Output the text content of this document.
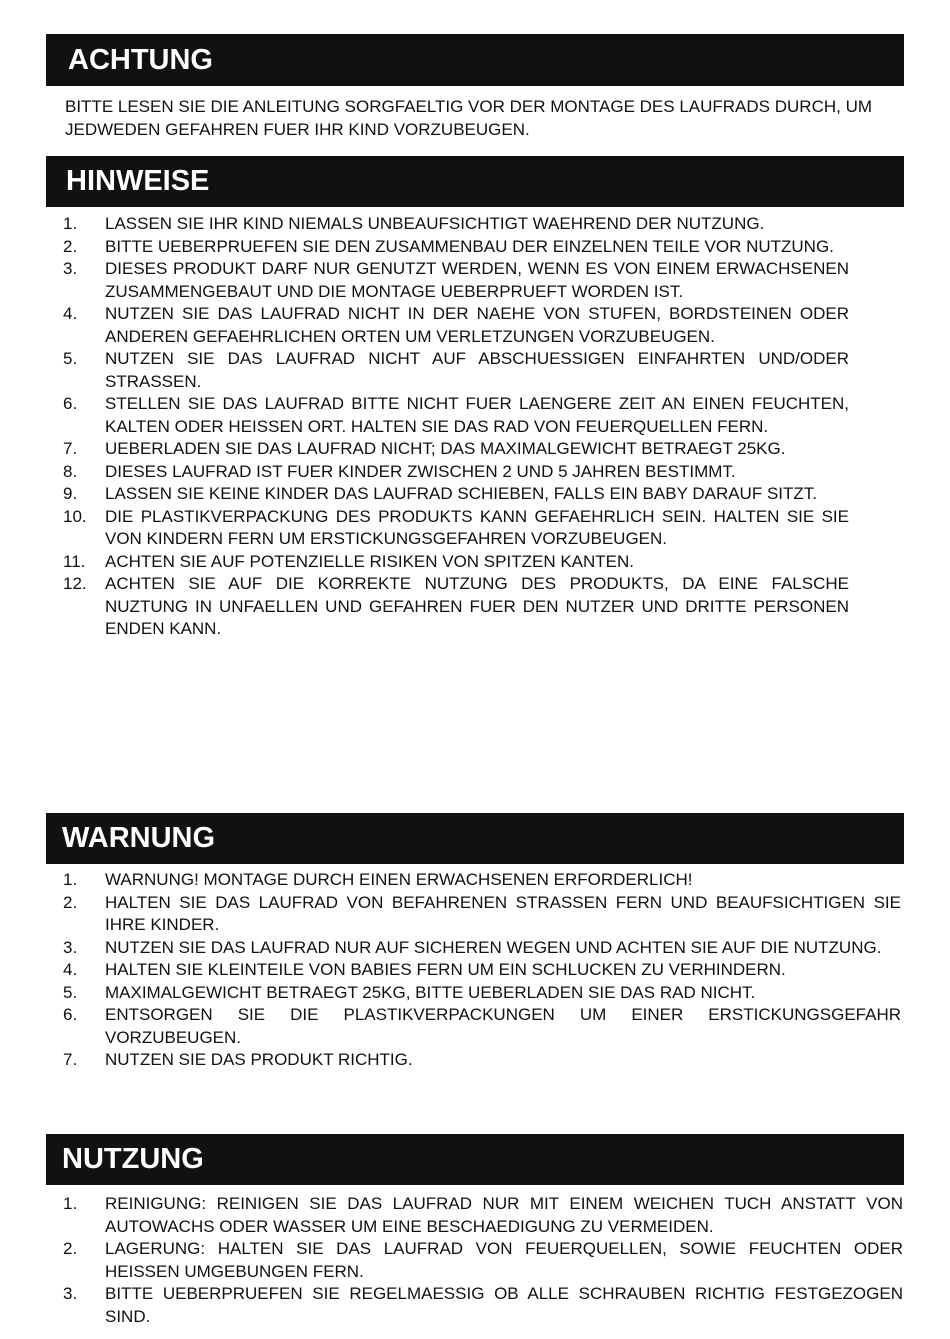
ACHTUNG

BITTE LESEN SIE DIE ANLEITUNG SORGFAELTIG VOR DER MONTAGE DES LAUFRADS DURCH, UM JEDWEDEN GEFAHREN FUER IHR KIND VORZUBEUGEN.

HINWEISE
1.	LASSEN SIE IHR KIND NIEMALS UNBEAUFSICHTIGT WAEHREND DER NUTZUNG.
2.	BITTE UEBERPRUEFEN SIE DEN ZUSAMMENBAU DER EINZELNEN TEILE VOR NUTZUNG.
3.	DIESES PRODUKT DARF NUR GENUTZT WERDEN, WENN ES VON EINEM ERWACHSENEN ZUSAMMENGEBAUT UND DIE MONTAGE UEBERPRUEFT WORDEN IST.
4.	NUTZEN SIE DAS LAUFRAD NICHT IN DER NAEHE VON STUFEN, BORDSTEINEN ODER ANDEREN GEFAEHRLICHEN ORTEN UM VERLETZUNGEN VORZUBEUGEN.
5.	NUTZEN SIE DAS LAUFRAD NICHT AUF ABSCHUESSIGEN EINFAHRTEN UND/ODER STRASSEN.
6.	STELLEN SIE DAS LAUFRAD BITTE NICHT FUER LAENGERE ZEIT AN EINEN FEUCHTEN, KALTEN ODER HEISSEN ORT. HALTEN SIE DAS RAD VON FEUERQUELLEN FERN.
7.	UEBERLADEN SIE DAS LAUFRAD NICHT; DAS MAXIMALGEWICHT BETRAEGT 25KG.
8.	DIESES LAUFRAD IST FUER KINDER ZWISCHEN 2 UND 5 JAHREN BESTIMMT.
9.	LASSEN SIE KEINE KINDER DAS LAUFRAD SCHIEBEN, FALLS EIN BABY DARAUF SITZT.
10.	DIE PLASTIKVERPACKUNG DES PRODUKTS KANN GEFAEHRLICH SEIN. HALTEN SIE SIE VON KINDERN FERN UM ERSTICKUNGSGEFAHREN VORZUBEUGEN.
11.	ACHTEN SIE AUF POTENZIELLE RISIKEN VON SPITZEN KANTEN.
12.	ACHTEN SIE AUF DIE KORREKTE NUTZUNG DES PRODUKTS, DA EINE FALSCHE NUZTUNG IN UNFAELLEN UND GEFAHREN FUER DEN NUTZER UND DRITTE PERSONEN ENDEN KANN.
WARNUNG
1.	WARNUNG! MONTAGE DURCH EINEN ERWACHSENEN ERFORDERLICH!
2.	HALTEN SIE DAS LAUFRAD VON BEFAHRENEN STRASSEN FERN UND BEAUFSICHTIGEN SIE IHRE KINDER.
3.	NUTZEN SIE DAS LAUFRAD NUR AUF SICHEREN WEGEN UND ACHTEN SIE AUF DIE NUTZUNG.
4.	HALTEN SIE KLEINTEILE VON BABIES FERN UM EIN SCHLUCKEN ZU VERHINDERN.
5.	MAXIMALGEWICHT BETRAEGT 25KG, BITTE UEBERLADEN SIE DAS RAD NICHT.
6.	ENTSORGEN SIE DIE PLASTIKVERPACKUNGEN UM EINER ERSTICKUNGSGEFAHR VORZUBEUGEN.
7.	NUTZEN SIE DAS PRODUKT RICHTIG.
NUTZUNG
1.	REINIGUNG: REINIGEN SIE DAS LAUFRAD NUR MIT EINEM WEICHEN TUCH ANSTATT VON AUTOWACHS ODER WASSER UM EINE BESCHAEDIGUNG ZU VERMEIDEN.
2.	LAGERUNG: HALTEN SIE DAS LAUFRAD VON FEUERQUELLEN, SOWIE FEUCHTEN ODER HEISSEN UMGEBUNGEN FERN.
3.	BITTE UEBERPRUEFEN SIE REGELMAESSIG OB ALLE SCHRAUBEN RICHTIG FESTGEZOGEN SIND.
